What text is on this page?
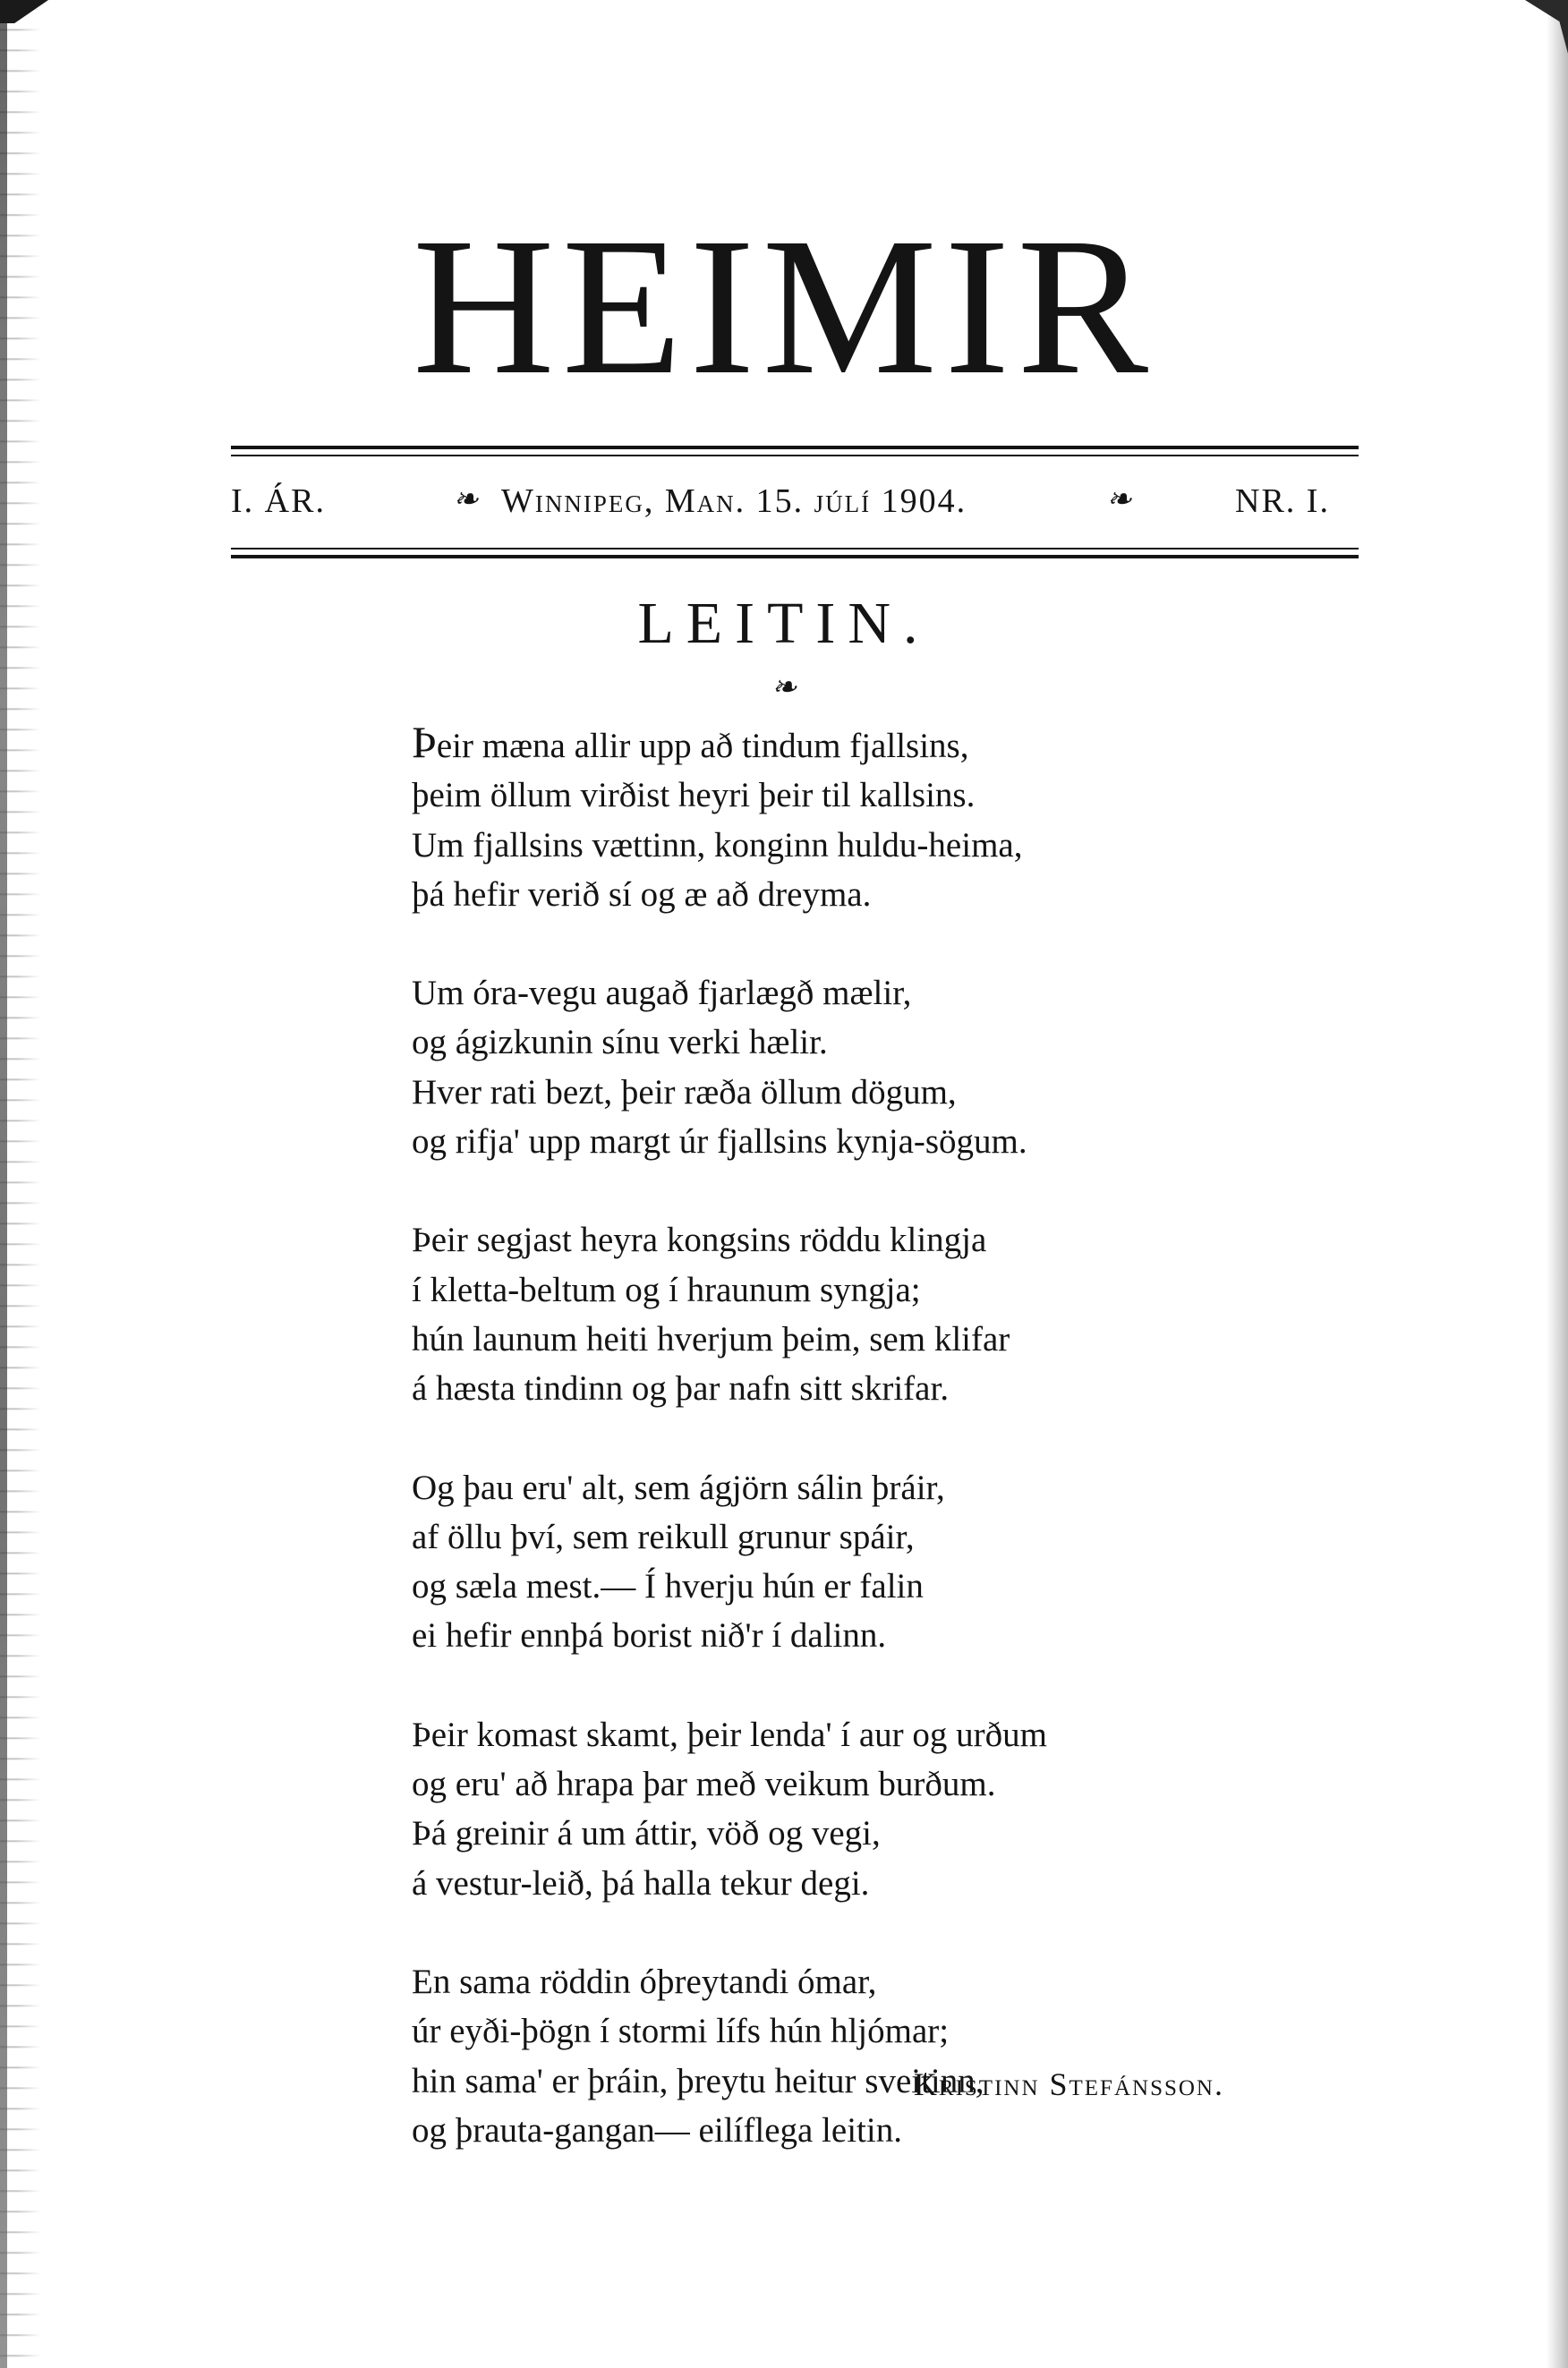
HEIMIR
I. ÁR.	❧ Winnipeg, Man. 15. júlí 1904.	❧	NR. I.
LEITIN.
❧
Þeir mæna allir upp að tindum fjallsins,
þeim öllum virðist heyri þeir til kallsins.
Um fjallsins vættinn, konginn huldu-heima,
þá hefir verið sí og æ að dreyma.
Um óra-vegu augað fjarlægð mælir,
og ágizkunin sínu verki hælir.
Hver rati bezt, þeir ræða öllum dögum,
og rifja' upp margt úr fjallsins kynja-sögum.
Þeir segjast heyra kongsins röddu klingja
í kletta-beltum og í hraunum syngja;
hún launum heiti hverjum þeim, sem klifar
á hæsta tindinn og þar nafn sitt skrifar.
Og þau eru' alt, sem ágjörn sálin þráir,
af öllu því, sem reikull grunur spáir,
og sæla mest.— Í hverju hún er falin
ei hefir ennþá borist nið'r í dalinn.
Þeir komast skamt, þeir lenda' í aur og urðum
og eru' að hrapa þar með veikum burðum.
Þá greinir á um áttir, vöð og vegi,
á vestur-leið, þá halla tekur degi.
En sama röddin óþreytandi ómar,
úr eyði-þögn í stormi lífs hún hljómar;
hin sama' er þráin, þreytu heitur sveitinn,
og þrauta-gangan— eilíflega leitin.
Kristinn Stefánsson.
